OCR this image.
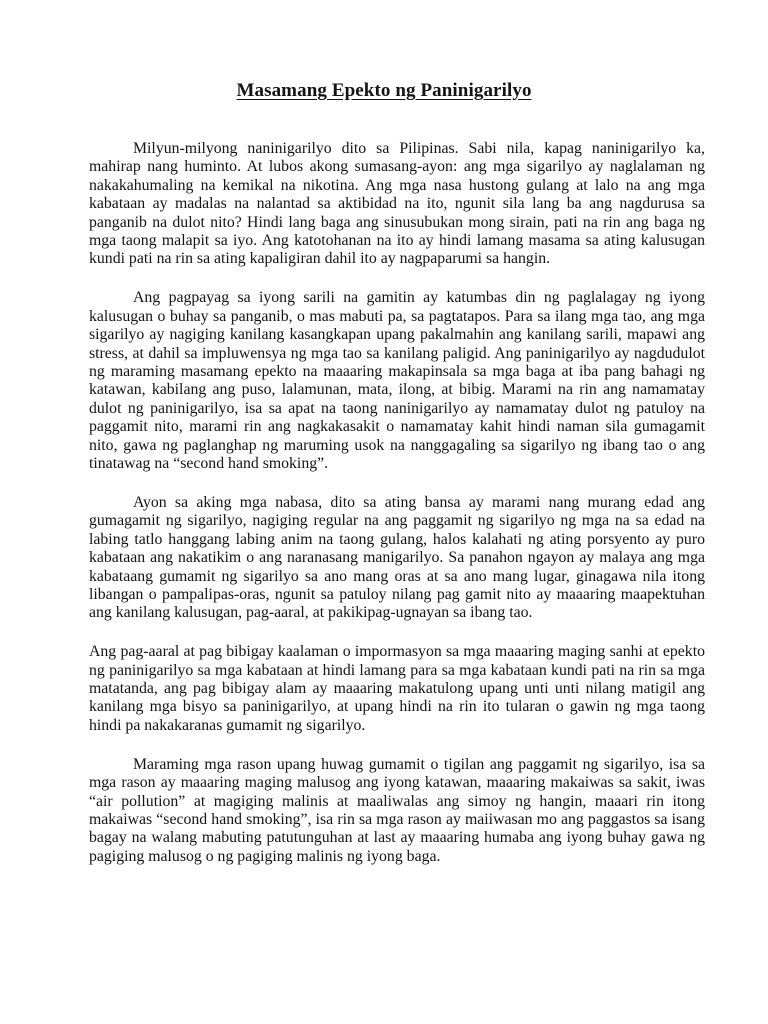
Masamang Epekto ng Paninigarilyo

Milyun-milyong naninigarilyo dito sa Pilipinas. Sabi nila, kapag naninigarilyo ka, mahirap nang huminto. At lubos akong sumasang-ayon: ang mga sigarilyo ay naglalaman ng nakakahumaling na kemikal na nikotina. Ang mga nasa hustong gulang at lalo na ang mga kabataan ay madalas na nalantad sa aktibidad na ito, ngunit sila lang ba ang nagdurusa sa panganib na dulot nito? Hindi lang baga ang sinusubukan mong sirain, pati na rin ang baga ng mga taong malapit sa iyo. Ang katotohanan na ito ay hindi lamang masama sa ating kalusugan kundi pati na rin sa ating kapaligiran dahil ito ay nagpaparumi sa hangin.

Ang pagpayag sa iyong sarili na gamitin ay katumbas din ng paglalagay ng iyong kalusugan o buhay sa panganib, o mas mabuti pa, sa pagtatapos. Para sa ilang mga tao, ang mga sigarilyo ay nagiging kanilang kasangkapan upang pakalmahin ang kanilang sarili, mapawi ang stress, at dahil sa impluwensya ng mga tao sa kanilang paligid. Ang paninigarilyo ay nagdudulot ng maraming masamang epekto na maaaring makapinsala sa mga baga at iba pang bahagi ng katawan, kabilang ang puso, lalamunan, mata, ilong, at bibig. Marami na rin ang namamatay dulot ng paninigarilyo, isa sa apat na taong naninigarilyo ay namamatay dulot ng patuloy na paggamit nito, marami rin ang nagkakasakit o namamatay kahit hindi naman sila gumagamit nito, gawa ng paglanghap ng maruming usok na nanggagaling sa sigarilyo ng ibang tao o ang tinatawag na “second hand smoking”.

Ayon sa aking mga nabasa, dito sa ating bansa ay marami nang murang edad ang gumagamit ng sigarilyo, nagiging regular na ang paggamit ng sigarilyo ng mga na sa edad na labing tatlo hanggang labing anim na taong gulang, halos kalahati ng ating porsyento ay puro kabataan ang nakatikim o ang naranasang manigarilyo. Sa panahon ngayon ay malaya ang mga kabataang gumamit ng sigarilyo sa ano mang oras at sa ano mang lugar, ginagawa nila itong libangan o pampalipas-oras, ngunit sa patuloy nilang pag gamit nito ay maaaring maapektuhan ang kanilang kalusugan, pag-aaral, at pakikipag-ugnayan sa ibang tao.

Ang pag-aaral at pag bibigay kaalaman o impormasyon sa mga maaaring maging sanhi at epekto ng paninigarilyo sa mga kabataan at hindi lamang para sa mga kabataan kundi pati na rin sa mga matatanda, ang pag bibigay alam ay maaaring makatulong upang unti unti nilang matigil ang kanilang mga bisyo sa paninigarilyo, at upang hindi na rin ito tularan o gawin ng mga taong hindi pa nakakaranas gumamit ng sigarilyo.

Maraming mga rason upang huwag gumamit o tigilan ang paggamit ng sigarilyo, isa sa mga rason ay maaaring maging malusog ang iyong katawan, maaaring makaiwas sa sakit, iwas “air pollution” at magiging malinis at maaliwalas ang simoy ng hangin, maaari rin itong makaiwas “second hand smoking”, isa rin sa mga rason ay maiiwasan mo ang paggastos sa isang bagay na walang mabuting patutunguhan at last ay maaaring humaba ang iyong buhay gawa ng pagiging malusog o ng pagiging malinis ng iyong baga.
